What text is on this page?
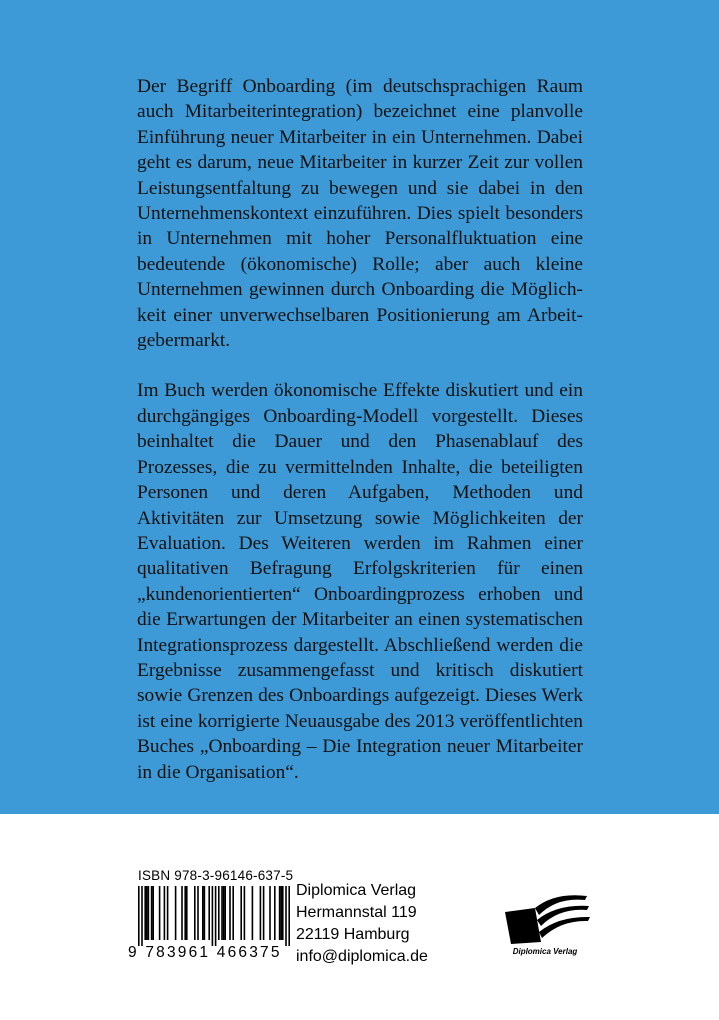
Der Begriff Onboarding (im deutschsprachigen Raum auch Mitarbeiterintegration) bezeichnet eine planvolle Einführung neuer Mitarbeiter in ein Unternehmen. Dabei geht es darum, neue Mitarbeiter in kurzer Zeit zur vollen Leistungsentfaltung zu bewegen und sie dabei in den Unternehmenskontext einzuführen. Dies spielt besonders in Unternehmen mit hoher Personalfluktuation eine bedeutende (ökonomische) Rolle; aber auch kleine Unternehmen gewinnen durch Onboarding die Möglichkeit einer unverwechselbaren Positionierung am Arbeitgebermarkt.

Im Buch werden ökonomische Effekte diskutiert und ein durchgängiges Onboarding-Modell vorgestellt. Dieses beinhaltet die Dauer und den Phasenablauf des Prozesses, die zu vermittelnden Inhalte, die beteiligten Personen und deren Aufgaben, Methoden und Aktivitäten zur Umsetzung sowie Möglichkeiten der Evaluation. Des Weiteren werden im Rahmen einer qualitativen Befragung Erfolgskriterien für einen „kundenorientierten“ Onboardingprozess erhoben und die Erwartungen der Mitarbeiter an einen systematischen Integrationsprozess dargestellt. Abschließend werden die Ergebnisse zusammengefasst und kritisch diskutiert sowie Grenzen des Onboardings aufgezeigt. Dieses Werk ist eine korrigierte Neuausgabe des 2013 veröffentlichten Buches „Onboarding – Die Integration neuer Mitarbeiter in die Organisation“.

ISBN 978-3-96146-637-5
9 783961 466375
Diplomica Verlag
Hermannstal 119
22119 Hamburg
info@diplomica.de	Diplomica Verlag
